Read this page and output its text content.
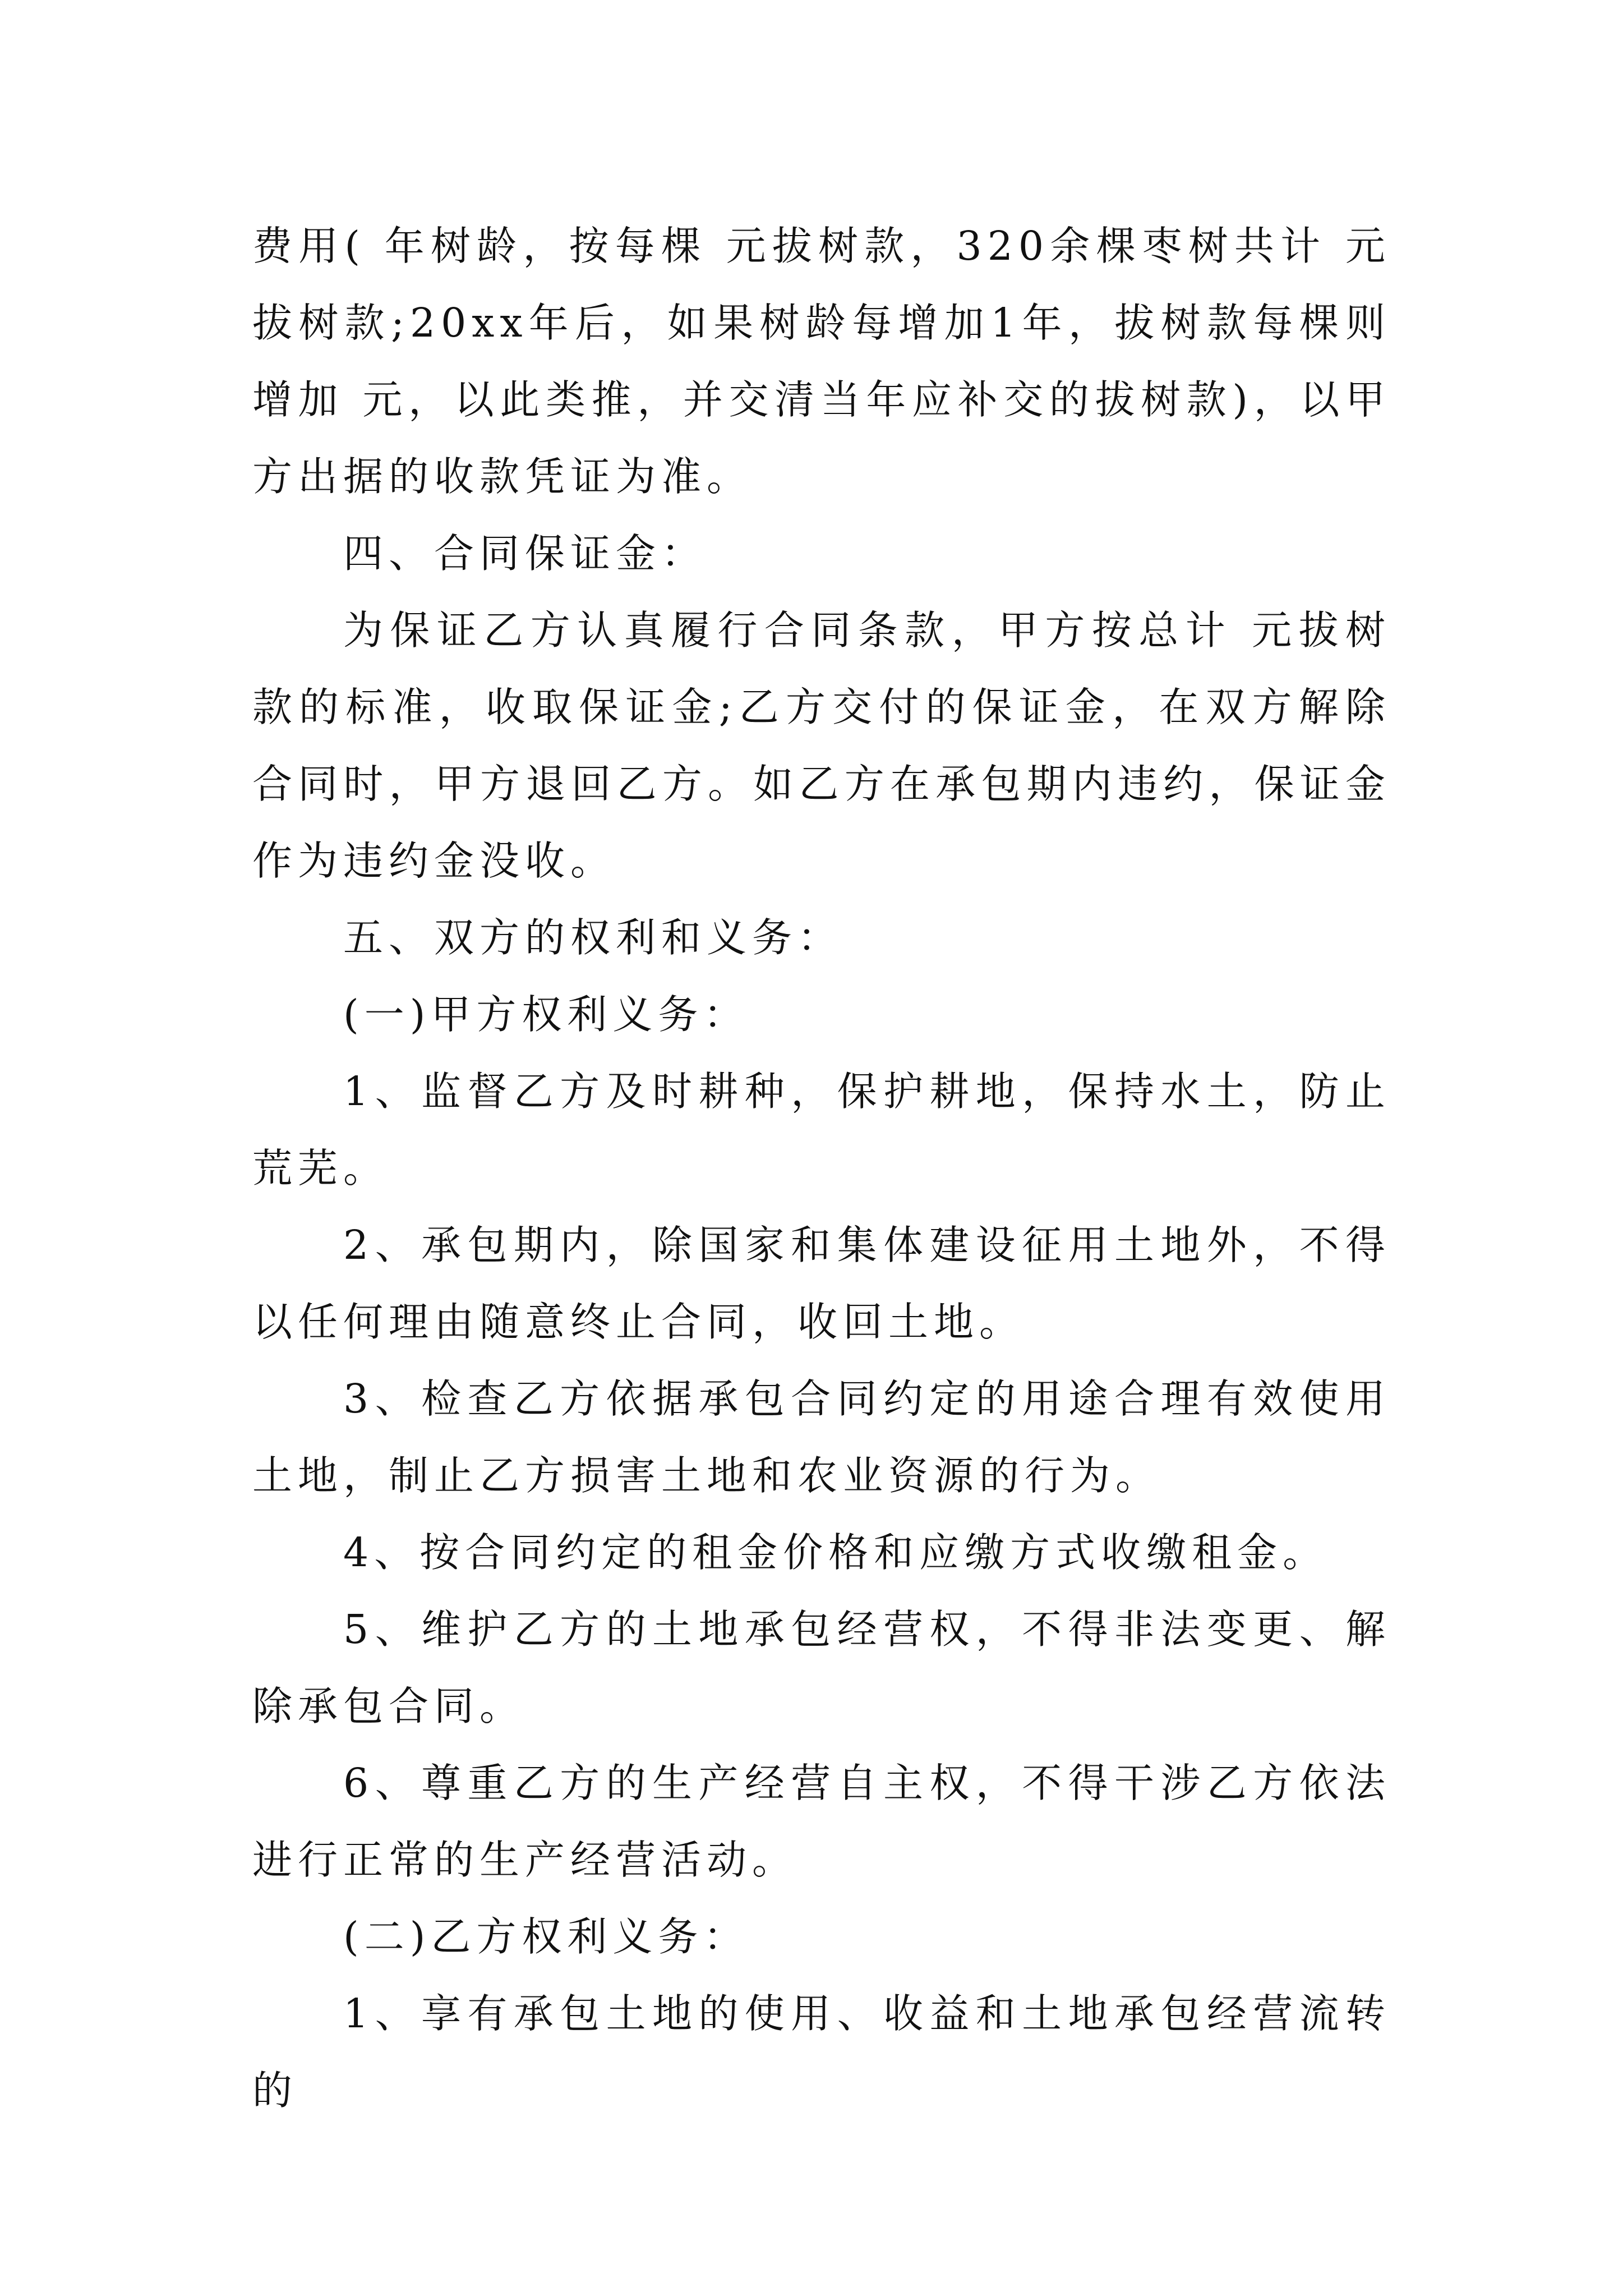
费用( 年树龄，按每棵 元拔树款，320余棵枣树共计 元拔树款;20xx年后，如果树龄每增加1年，拔树款每棵则增加 元，以此类推，并交清当年应补交的拔树款)，以甲方出据的收款凭证为准。

四、合同保证金：

为保证乙方认真履行合同条款，甲方按总计 元拔树款的标准，收取保证金;乙方交付的保证金，在双方解除合同时，甲方退回乙方。如乙方在承包期内违约，保证金作为违约金没收。

五、双方的权利和义务：

(一)甲方权利义务：

1、监督乙方及时耕种，保护耕地，保持水土，防止荒芜。

2、承包期内，除国家和集体建设征用土地外，不得以任何理由随意终止合同，收回土地。

3、检查乙方依据承包合同约定的用途合理有效使用土地，制止乙方损害土地和农业资源的行为。

4、按合同约定的租金价格和应缴方式收缴租金。

5、维护乙方的土地承包经营权，不得非法变更、解除承包合同。

6、尊重乙方的生产经营自主权，不得干涉乙方依法进行正常的生产经营活动。

(二)乙方权利义务：

1、享有承包土地的使用、收益和土地承包经营流转的
